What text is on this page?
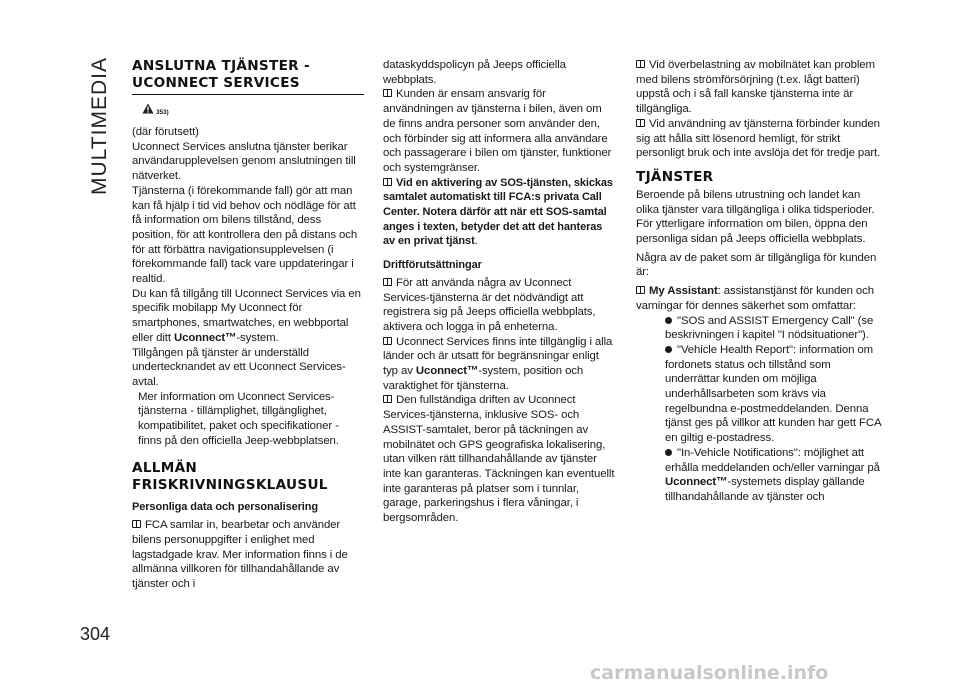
MULTIMEDIA ANSLUTNA TJÄNSTER -
UCONNECT SERVICES
353)

(där förutsett)

Uconnect Services anslutna tjänster berikar användarupplevelsen genom anslutningen till nätverket.

Tjänsterna (i förekommande fall) gör att man kan få hjälp i tid vid behov och nödläge för att få information om bilens tillstånd, dess position, för att kontrollera den på distans och för att förbättra navigationsupplevelsen (i förekommande fall) tack vare uppdateringar i realtid.

Du kan få tillgång till Uconnect Services via en specifik mobilapp My Uconnect för smartphones, smartwatches, en webbportal eller ditt Uconnect™-system.

Tillgången på tjänster är underställd undertecknandet av ett Uconnect Services-avtal.

Mer information om Uconnect Services-tjänsterna - tillämplighet, tillgänglighet, kompatibilitet, paket och specifikationer - finns på den officiella Jeep-webbplatsen.

ALLMÄN
FRISKRIVNINGSKLAUSUL
Personliga data och personalisering

FCA samlar in, bearbetar och använder bilens personuppgifter i enlighet med lagstadgade krav. Mer information finns i de allmänna villkoren för tillhandahållande av tjänster och i

dataskyddspolicyn på Jeeps officiella webbplats.

Kunden är ensam ansvarig för användningen av tjänsterna i bilen, även om de finns andra personer som använder den, och förbinder sig att informera alla användare och passagerare i bilen om tjänster, funktioner och systemgränser.

Vid en aktivering av SOS-tjänsten, skickas samtalet automatiskt till FCA:s privata Call Center. Notera därför att när ett SOS-samtal anges i texten, betyder det att det hanteras av en privat tjänst.

Driftförutsättningar

För att använda några av Uconnect Services-tjänsterna är det nödvändigt att registrera sig på Jeeps officiella webbplats, aktivera och logga in på enheterna.

Uconnect Services finns inte tillgänglig i alla länder och är utsatt för begränsningar enligt typ av Uconnect™-system, position och varaktighet för tjänsterna.

Den fullständiga driften av Uconnect Services-tjänsterna, inklusive SOS- och ASSIST-samtalet, beror på täckningen av mobilnätet och GPS geografiska lokalisering, utan vilken rätt tillhandahållande av tjänster inte kan garanteras. Täckningen kan eventuellt inte garanteras på platser som i tunnlar, garage, parkeringshus i flera våningar, i bergsområden.

Vid överbelastning av mobilnätet kan problem med bilens strömförsörjning (t.ex. lågt batteri) uppstå och i så fall kanske tjänsterna inte är tillgängliga.

Vid användning av tjänsterna förbinder kunden sig att hålla sitt lösenord hemligt, för strikt personligt bruk och inte avslöja det för tredje part.

TJÄNSTER

Beroende på bilens utrustning och landet kan olika tjänster vara tillgängliga i olika tidsperioder. För ytterligare information om bilen, öppna den personliga sidan på Jeeps officiella webbplats.

Några av de paket som är tillgängliga för kunden är:

My Assistant: assistanstjänst för kunden och varningar för dennes säkerhet som omfattar:

"SOS and ASSIST Emergency Call" (se beskrivningen i kapitel "I nödsituationer").
"Vehicle Health Report": information om fordonets status och tillstånd som underrättar kunden om möjliga underhållsarbeten som krävs via regelbundna e-postmeddelanden. Denna tjänst ges på villkor att kunden har gett FCA en giltig e-postadress.
"In-Vehicle Notifications": möjlighet att erhålla meddelanden och/eller varningar på Uconnect™-systemets display gällande tillhandahållande av tjänster och
304
carmanualsonline.info
